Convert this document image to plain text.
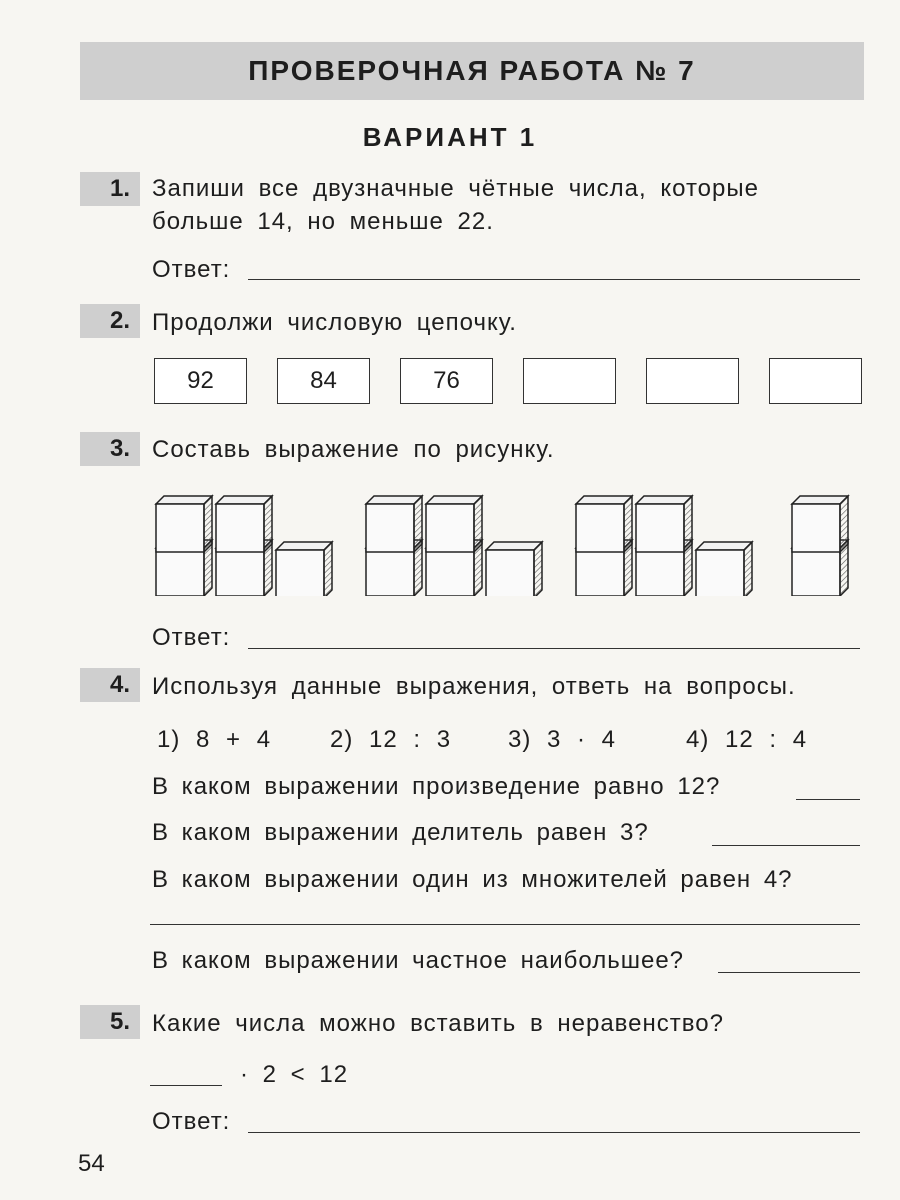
ПРОВЕРОЧНАЯ РАБОТА № 7
ВАРИАНТ 1
1. Запиши все двузначные чётные числа, которые
больше 14, но меньше 22.
Ответ:
2. Продолжи числовую цепочку.
92	84	76
3. Составь выражение по рисунку.
Ответ:
4. Используя данные выражения, ответь на вопросы.
1) 8 + 4 2) 12 : 3 3) 3 · 4	4) 12 : 4
В каком выражении произведение равно 12?
В каком выражении делитель равен 3?
В каком выражении один из множителей равен 4?
В каком выражении частное наибольшее?
5. Какие числа можно вставить в неравенство?
· 2 < 12
Ответ:
54
